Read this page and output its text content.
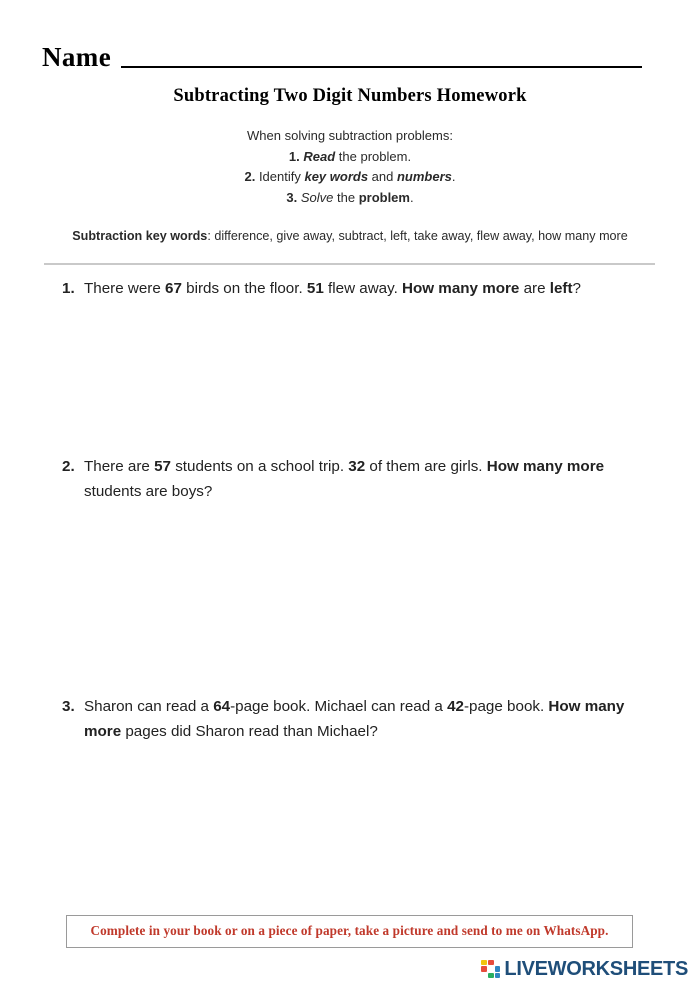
Name
Subtracting Two Digit Numbers Homework
When solving subtraction problems:
1. Read the problem.
2. Identify key words and numbers.
3. Solve the problem.
Subtraction key words: difference, give away, subtract, left, take away, flew away, how many more
1. There were 67 birds on the floor. 51 flew away. How many more are left?
2. There are 57 students on a school trip. 32 of them are girls. How many more students are boys?
3. Sharon can read a 64-page book. Michael can read a 42-page book. How many more pages did Sharon read than Michael?
Complete in your book or on a piece of paper, take a picture and send to me on WhatsApp.
LIVEWORKSHEETS
